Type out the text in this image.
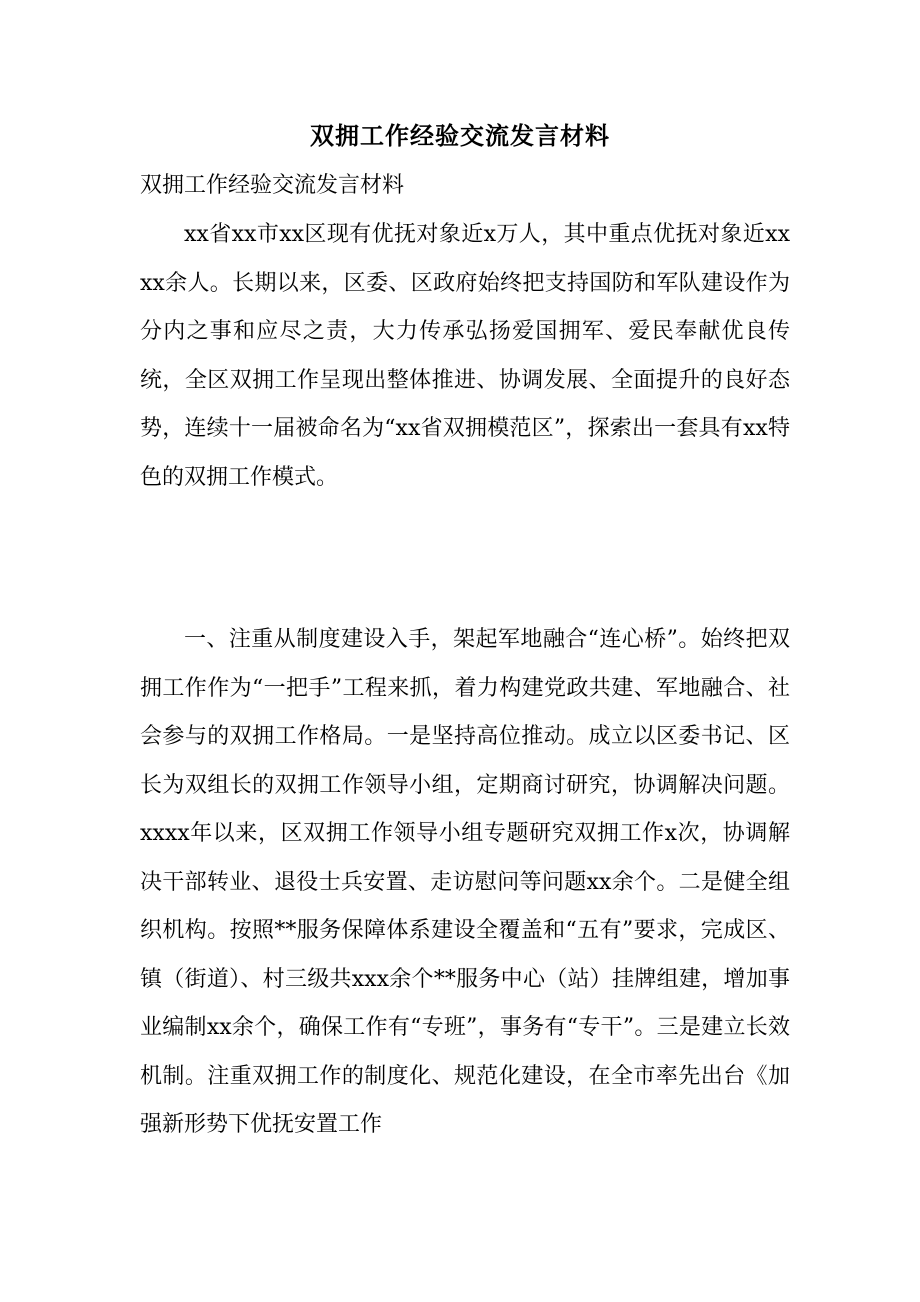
双拥工作经验交流发言材料
双拥工作经验交流发言材料

xx省xx市xx区现有优抚对象近x万人，其中重点优抚对象近xxxx余人。长期以来，区委、区政府始终把支持国防和军队建设作为分内之事和应尽之责，大力传承弘扬爱国拥军、爱民奉献优良传统，全区双拥工作呈现出整体推进、协调发展、全面提升的良好态势，连续十一届被命名为“xx省双拥模范区”，探索出一套具有xx特色的双拥工作模式。

一、注重从制度建设入手，架起军地融合“连心桥”。始终把双拥工作作为“一把手”工程来抓，着力构建党政共建、军地融合、社会参与的双拥工作格局。一是坚持高位推动。成立以区委书记、区长为双组长的双拥工作领导小组，定期商讨研究，协调解决问题。xxxx年以来，区双拥工作领导小组专题研究双拥工作x次，协调解决干部转业、退役士兵安置、走访慰问等问题xx余个。二是健全组织机构。按照**服务保障体系建设全覆盖和“五有”要求，完成区、镇（街道）、村三级共xxx余个**服务中心（站）挂牌组建，增加事业编制xx余个，确保工作有“专班”，事务有“专干”。三是建立长效机制。注重双拥工作的制度化、规范化建设，在全市率先出台《加强新形势下优抚安置工作
